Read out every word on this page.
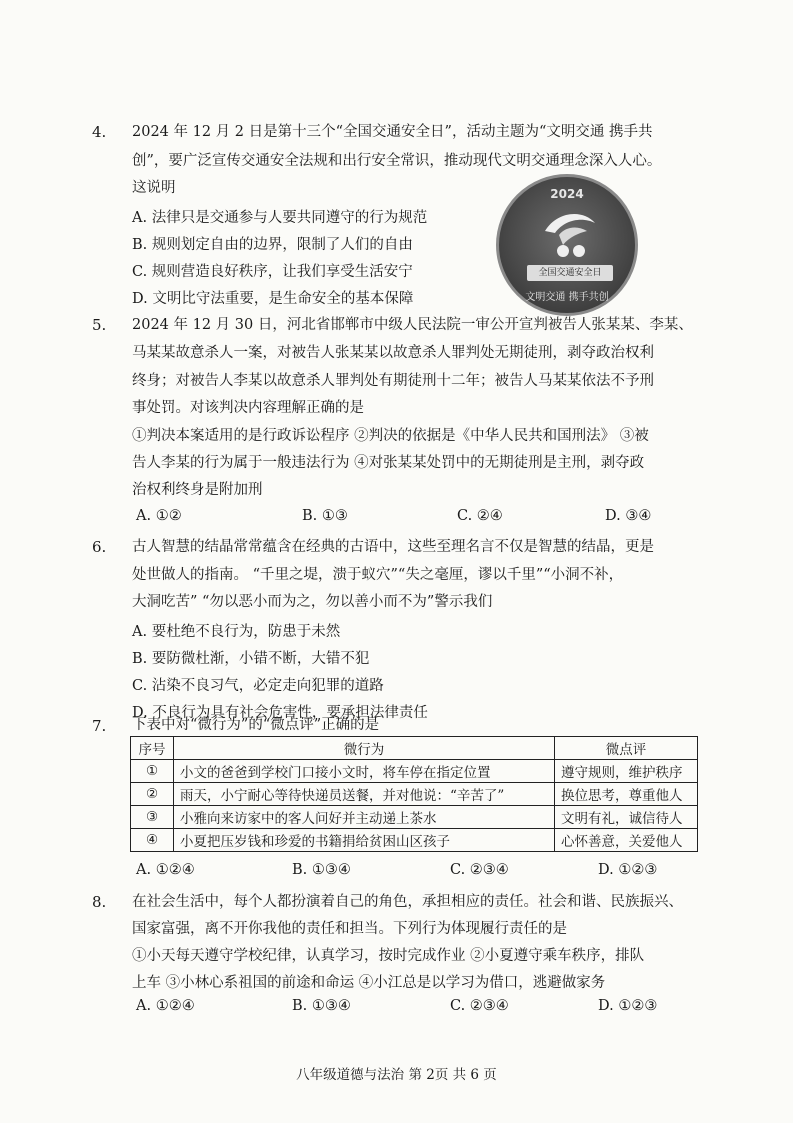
4. 2024 年 12 月 2 日是第十三个“全国交通安全日”，活动主题为“文明交通 携手共
创”，要广泛宣传交通安全法规和出行安全常识，推动现代文明交通理念深入人心。
这说明
A. 法律只是交通参与人要共同遵守的行为规范
B. 规则划定自由的边界，限制了人们的自由
C. 规则营造良好秩序，让我们享受生活安宁
D. 文明比守法重要，是生命安全的基本保障
2024
全国交通安全日
文明交通 携手共创
5. 2024 年 12 月 30 日，河北省邯郸市中级人民法院一审公开宣判被告人张某某、李某、
马某某故意杀人一案，对被告人张某某以故意杀人罪判处无期徒刑，剥夺政治权利
终身；对被告人李某以故意杀人罪判处有期徒刑十二年；被告人马某某依法不予刑
事处罚。对该判决内容理解正确的是
①判决本案适用的是行政诉讼程序 ②判决的依据是《中华人民共和国刑法》 ③被
告人李某的行为属于一般违法行为 ④对张某某处罚中的无期徒刑是主刑，剥夺政
治权利终身是附加刑
A. ①②	B. ①③	C. ②④	D. ③④
6. 古人智慧的结晶常常蕴含在经典的古语中，这些至理名言不仅是智慧的结晶，更是
处世做人的指南。 “千里之堤，溃于蚁穴”“失之毫厘，谬以千里”“小洞不补，
大洞吃苦” “勿以恶小而为之，勿以善小而不为”警示我们
A. 要杜绝不良行为，防患于未然
B. 要防微杜渐，小错不断，大错不犯
C. 沾染不良习气，必定走向犯罪的道路
D. 不良行为具有社会危害性，要承担法律责任
7. 下表中对“微行为”的“微点评”正确的是
序号	微行为	微点评
①	小文的爸爸到学校门口接小文时，将车停在指定位置	遵守规则，维护秩序
②	雨天，小宁耐心等待快递员送餐，并对他说：“辛苦了”	换位思考，尊重他人
③	小雅向来访家中的客人问好并主动递上茶水	文明有礼，诚信待人
④	小夏把压岁钱和珍爱的书籍捐给贫困山区孩子	心怀善意，关爱他人
A. ①②④	B. ①③④	C. ②③④	D. ①②③
8. 在社会生活中，每个人都扮演着自己的角色，承担相应的责任。社会和谐、民族振兴、
国家富强，离不开你我他的责任和担当。下列行为体现履行责任的是
①小天每天遵守学校纪律，认真学习，按时完成作业 ②小夏遵守乘车秩序，排队
上车 ③小林心系祖国的前途和命运 ④小江总是以学习为借口，逃避做家务
A. ①②④	B. ①③④	C. ②③④	D. ①②③
八年级道德与法治 第 2页 共 6 页
